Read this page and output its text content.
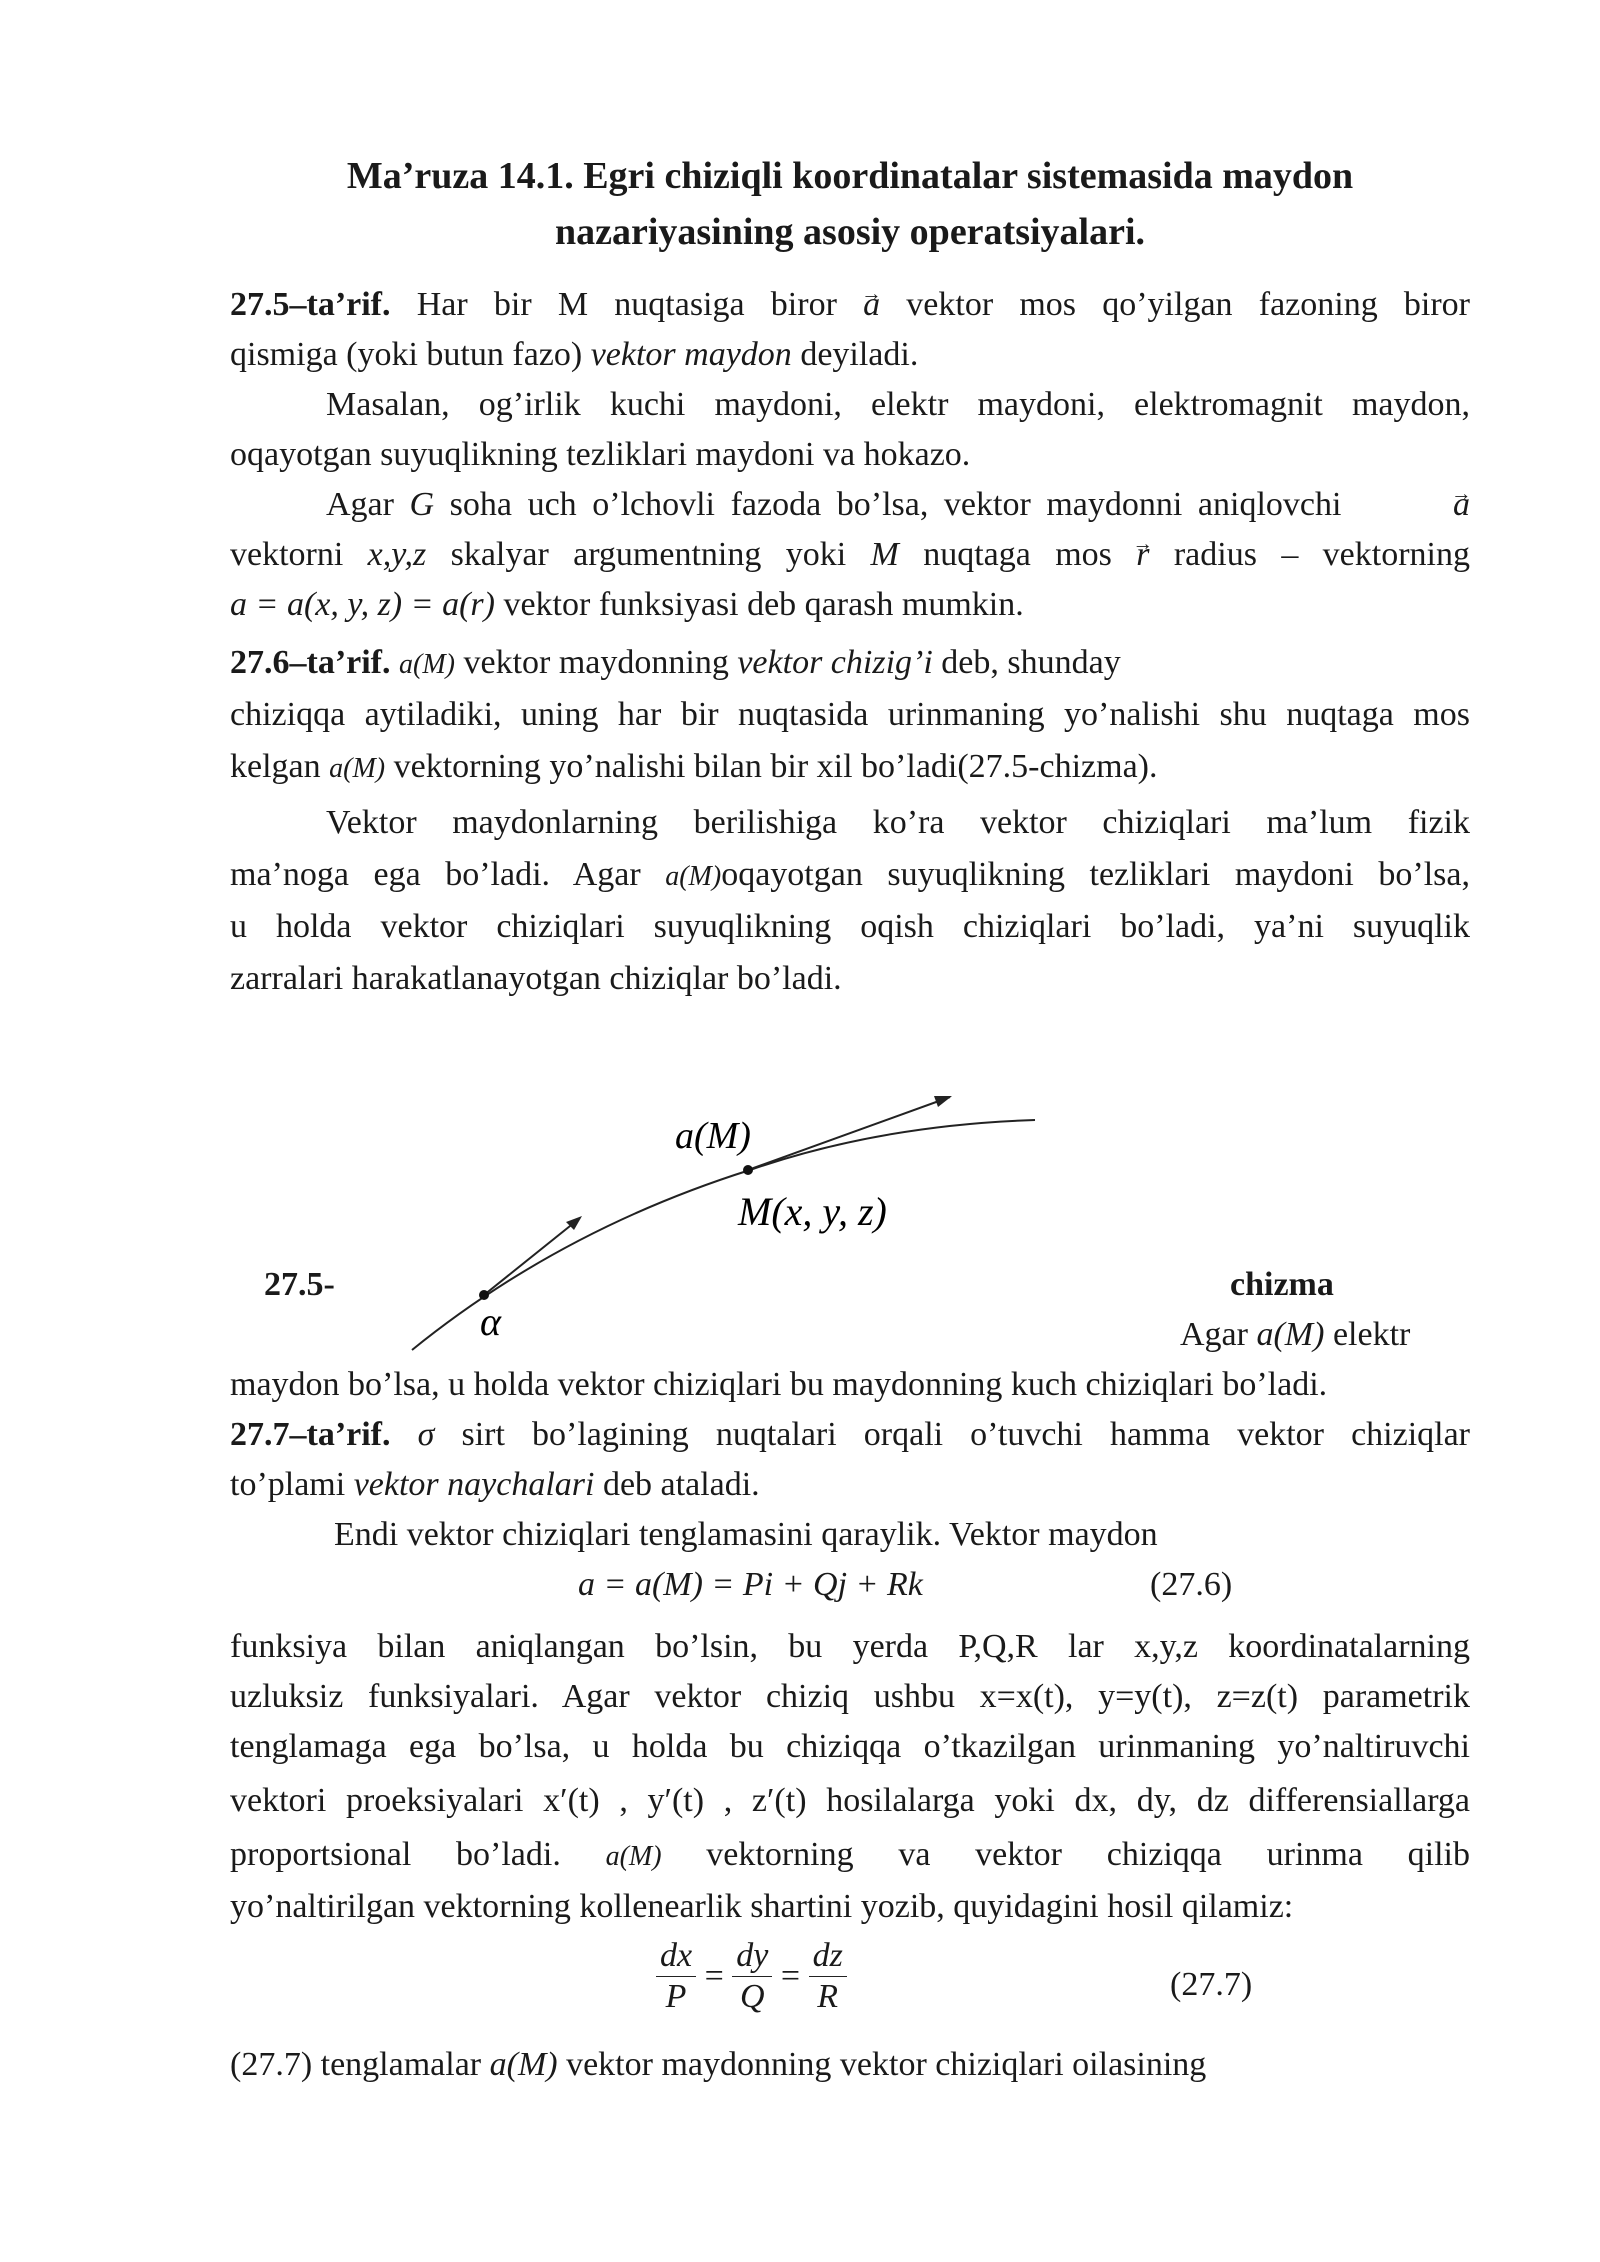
Ma’ruza 14.1. Egri chiziqli koordinatalar sistemasida maydon
nazariyasining asosiy operatsiyalari.
27.5–ta’rif. Har bir M nuqtasiga biror → a vektor mos qo’yilgan fazoning biror
qismiga (yoki butun fazo) vektor maydon deyiladi.
Masalan, og’irlik kuchi maydoni, elektr maydoni, elektromagnit maydon, oqayotgan suyuqlikning tezliklari maydoni va hokazo.
Agar G soha uch o’lchovli fazoda bo’lsa, vektor maydonni aniqlovchi →	a
vektorni x,y,z skalyar argumentning yoki M nuqtaga mos → r radius – vektorning
a = a(x, y, z) = a(r) vektor funksiyasi deb qarash mumkin.
27.6–ta’rif. a(M) vektor maydonning vektor chizig’i deb, shunday
chiziqqa aytiladiki, uning har bir nuqtasida urinmaning yo’nalishi shu nuqtaga mos
kelgan a(M) vektorning yo’nalishi bilan bir xil bo’ladi(27.5-chizma).
Vektor maydonlarning berilishiga ko’ra vektor chiziqlari ma’lum fizik
ma’noga ega bo’ladi. Agar a(M)oqayotgan suyuqlikning tezliklari maydoni bo’lsa,
u holda vektor chiziqlari suyuqlikning oqish chiziqlari bo’ladi, ya’ni suyuqlik
zarralari harakatlanayotgan chiziqlar bo’ladi.
a(M)
M(x, y, z)
α
27.5-	chizma
Agar a(M) elektr
maydon bo’lsa, u holda vektor chiziqlari bu maydonning kuch chiziqlari bo’ladi.
27.7–ta’rif. σ sirt bo’lagining nuqtalari orqali o’tuvchi hamma vektor chiziqlar
to’plami vektor naychalari deb ataladi.
Endi vektor chiziqlari tenglamasini qaraylik. Vektor maydon
a = a(M) = Pi + Qj + Rk	(27.6)
funksiya bilan aniqlangan bo’lsin, bu yerda P,Q,R lar x,y,z koordinatalarning
uzluksiz funksiyalari. Agar vektor chiziq ushbu x=x(t), y=y(t), z=z(t) parametrik
tenglamaga ega bo’lsa, u holda bu chiziqqa o’tkazilgan urinmaning yo’naltiruvchi
vektori proeksiyalari x′(t) , y′(t) , z′(t) hosilalarga yoki dx, dy, dz differensiallarga
proportsional bo’ladi. a(M) vektorning va vektor chiziqqa urinma qilib
yo’naltirilgan vektorning kollenearlik shartini yozib, quyidagini hosil qilamiz:
$\frac{dx}{P} = \frac{dy}{Q} = \frac{dz}{R}$	(27.7)
(27.7) tenglamalar a(M) vektor maydonning vektor chiziqlari oilasining
